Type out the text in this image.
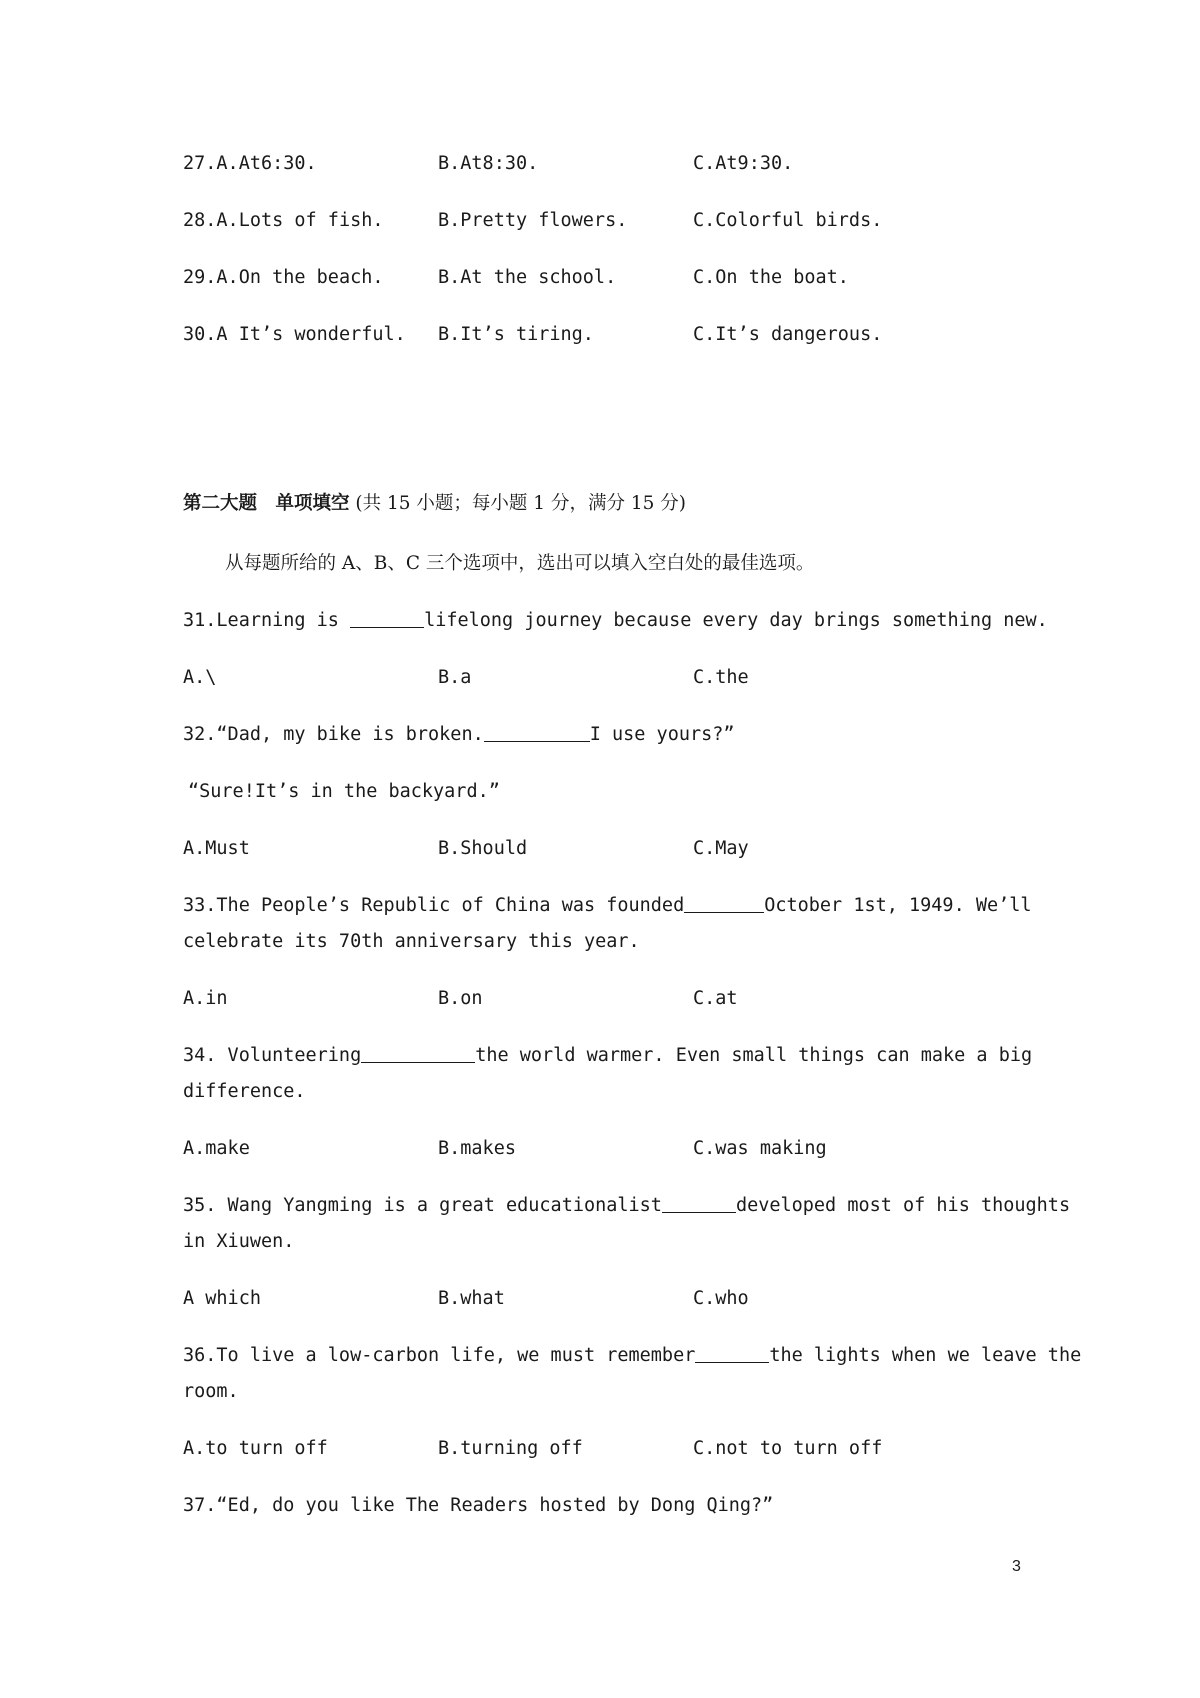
27.A.At6:30.	B.At8:30.	C.At9:30.
28.A.Lots of fish.	B.Pretty flowers.	C.Colorful birds.
29.A.On the beach.	B.At the school.	C.On the boat.
30.A It’s wonderful. B.It’s tiring.	C.It’s dangerous.
第二大题　单项填空 (共 15 小题；每小题 1 分，满分 15 分)
从每题所给的 A、B、C 三个选项中，选出可以填入空白处的最佳选项。
31.Learning is	lifelong journey because every day brings something new.
A.\	B.a	C.the
32.“Dad, my bike is broken.	I use yours?”
“Sure!It’s in the backyard.”
A.Must	B.Should	C.May
33.The People’s Republic of China was founded	October 1st, 1949. We’ll
celebrate its 70th anniversary this year.
A.in	B.on	C.at
34. Volunteering	the world warmer. Even small things can make a big
difference.
A.make	B.makes	C.was making
35. Wang Yangming is a great educationalist	developed most of his thoughts
in Xiuwen.
A which	B.what	C.who
36.To live a low-carbon life, we must remember	the lights when we leave the
room.
A.to turn off	B.turning off	C.not to turn off
37.“Ed, do you like The Readers hosted by Dong Qing?”
3
